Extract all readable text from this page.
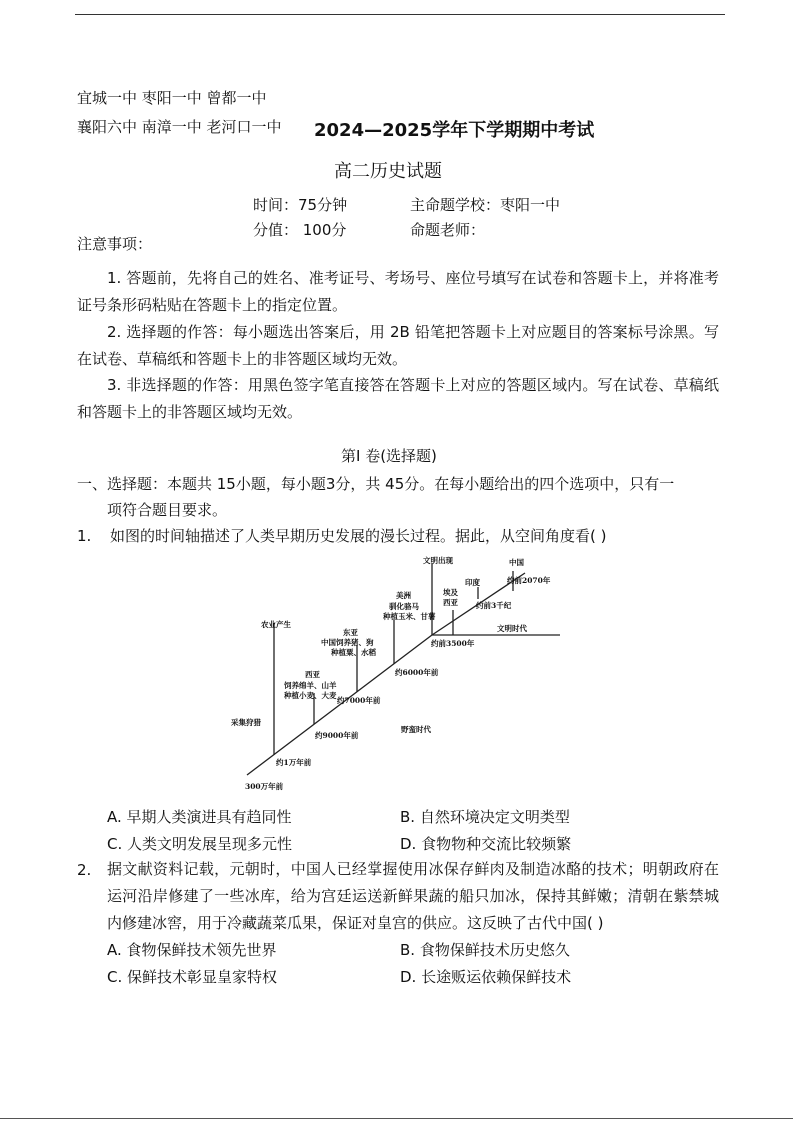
宜城一中 枣阳一中 曾都一中
襄阳六中 南漳一中 老河口一中 2024—2025学年下学期期中考试
高二历史试题
时间：75分钟	主命题学校：枣阳一中
分值： 100分	命题老师：
注意事项：
1. 答题前，先将自己的姓名、准考证号、考场号、座位号填写在试卷和答题卡上，并将准考证号条形码粘贴在答题卡上的指定位置。
2. 选择题的作答：每小题选出答案后，用 2B 铅笔把答题卡上对应题目的答案标号涂黑。写在试卷、草稿纸和答题卡上的非答题区域均无效。
3. 非选择题的作答：用黑色签字笔直接答在答题卡上对应的答题区域内。写在试卷、草稿纸和答题卡上的非答题区域均无效。
第Ⅰ 卷(选择题)
一、选择题：本题共 15小题，每小题3分，共 45分。在每小题给出的四个选项中，只有一
项符合题目要求。
1. 如图的时间轴描述了人类早期历史发展的漫长过程。据此，从空间角度看( )
文明出现	中国
约前2070年
印度
埃及
西亚 约前3千纪
美洲
驯化骆马
种植玉米、甘薯
文明时代
约前3500年
东亚
中国饲养猪、狗
种植粟、水稻
约6000年前
农业产生
西亚
饲养绵羊、山羊
种植小麦、大麦
约7000年前
采集狩猎
约9000年前
野蛮时代
约1万年前
300万年前
A. 早期人类演进具有趋同性	B. 自然环境决定文明类型
C. 人类文明发展呈现多元性	D. 食物物种交流比较频繁
2. 据文献资料记载，元朝时，中国人已经掌握使用冰保存鲜肉及制造冰酪的技术；明朝政府在运河沿岸修建了一些冰库，给为宫廷运送新鲜果蔬的船只加冰，保持其鲜嫩；清朝在紫禁城内修建冰窖，用于冷藏蔬菜瓜果，保证对皇宫的供应。这反映了古代中国( )
A. 食物保鲜技术领先世界	B. 食物保鲜技术历史悠久
C. 保鲜技术彰显皇家特权	D. 长途贩运依赖保鲜技术
